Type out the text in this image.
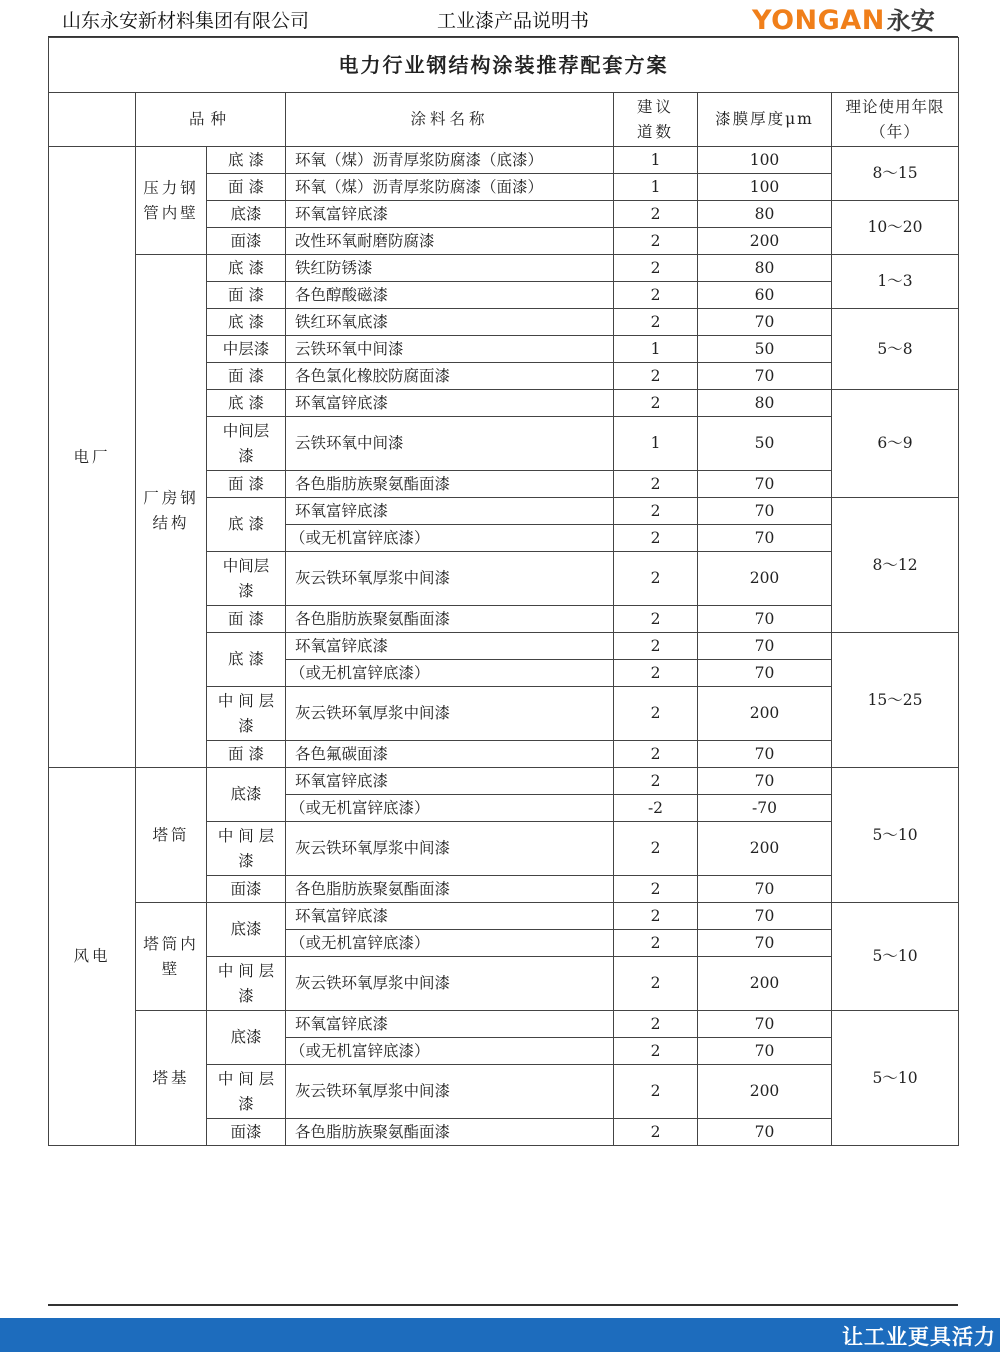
山东永安新材料集团有限公司	工业漆产品说明书	YONGAN永安
电力行业钢结构涂装推荐配套方案						
	品种		涂料名称	建议道数	漆膜厚度μm	理论使用年限（年）
电厂	压力钢管内壁	底 漆	环氧（煤）沥青厚浆防腐漆（底漆）	1	100	8～15
		面 漆	环氧（煤）沥青厚浆防腐漆（面漆）	1	100	
		底漆	环氧富锌底漆	2	80	10～20
		面漆	改性环氧耐磨防腐漆	2	200	
	厂房钢结构	底 漆	铁红防锈漆	2	80	1～3
		面 漆	各色醇酸磁漆	2	60	
		底 漆	铁红环氧底漆	2	70	5～8
		中层漆	云铁环氧中间漆	1	50	
		面 漆	各色氯化橡胶防腐面漆	2	70	
		底 漆	环氧富锌底漆	2	80	6～9
		中间层漆	云铁环氧中间漆	1	50	
		面 漆	各色脂肪族聚氨酯面漆	2	70	
		底 漆	环氧富锌底漆	2	70	8～12
			（或无机富锌底漆）	2	70	
		中间层漆	灰云铁环氧厚浆中间漆	2	200	
		面 漆	各色脂肪族聚氨酯面漆	2	70	
		底 漆	环氧富锌底漆	2	70	15～25
			（或无机富锌底漆）	2	70	
		中 间 层 漆	灰云铁环氧厚浆中间漆	2	200	
		面 漆	各色氟碳面漆	2	70	
风电	塔筒	底漆	环氧富锌底漆	2	70	5～10
			（或无机富锌底漆）	-2	-70	
		中 间 层 漆	灰云铁环氧厚浆中间漆	2	200	
		面漆	各色脂肪族聚氨酯面漆	2	70	
	塔筒内壁	底漆	环氧富锌底漆	2	70	5～10
			（或无机富锌底漆）	2	70	
		中 间 层 漆	灰云铁环氧厚浆中间漆	2	200	
	塔基	底漆	环氧富锌底漆	2	70	5～10
			（或无机富锌底漆）	2	70	
		中 间 层 漆	灰云铁环氧厚浆中间漆	2	200	
		面漆	各色脂肪族聚氨酯面漆	2	70	
让工业更具活力
